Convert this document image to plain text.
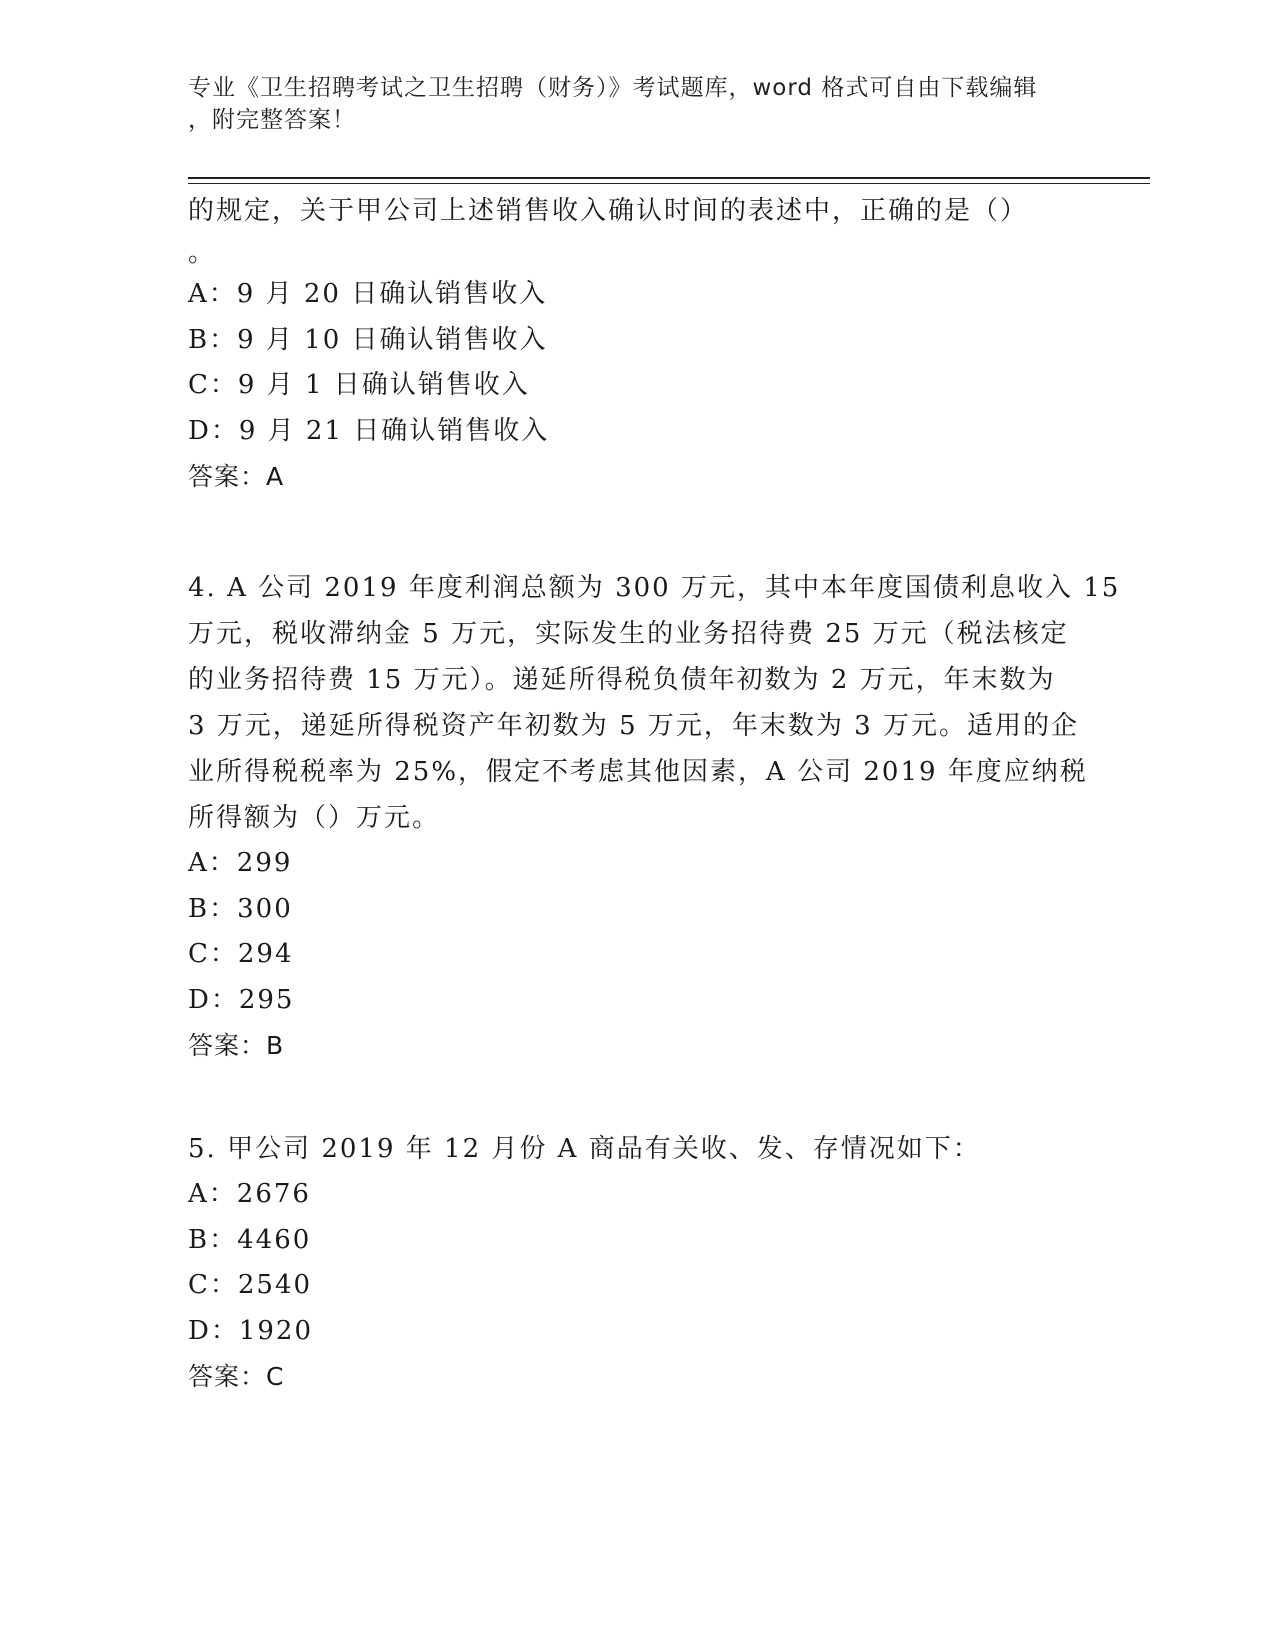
专业《卫生招聘考试之卫生招聘（财务）》考试题库，word 格式可自由下载编辑
，附完整答案！
的规定，关于甲公司上述销售收入确认时间的表述中，正确的是（）
。
A：9 月 20 日确认销售收入
B：9 月 10 日确认销售收入
C：9 月 1 日确认销售收入
D：9 月 21 日确认销售收入
答案：A
4. A 公司 2019 年度利润总额为 300 万元，其中本年度国债利息收入 15
万元，税收滞纳金 5 万元，实际发生的业务招待费 25 万元（税法核定
的业务招待费 15 万元）。递延所得税负债年初数为 2 万元，年末数为
3 万元，递延所得税资产年初数为 5 万元，年末数为 3 万元。适用的企
业所得税税率为 25%，假定不考虑其他因素，A 公司 2019 年度应纳税
所得额为（）万元。
A：299
B：300
C：294
D：295
答案：B
5. 甲公司 2019 年 12 月份 A 商品有关收、发、存情况如下：
A：2676
B：4460
C：2540
D：1920
答案：C
